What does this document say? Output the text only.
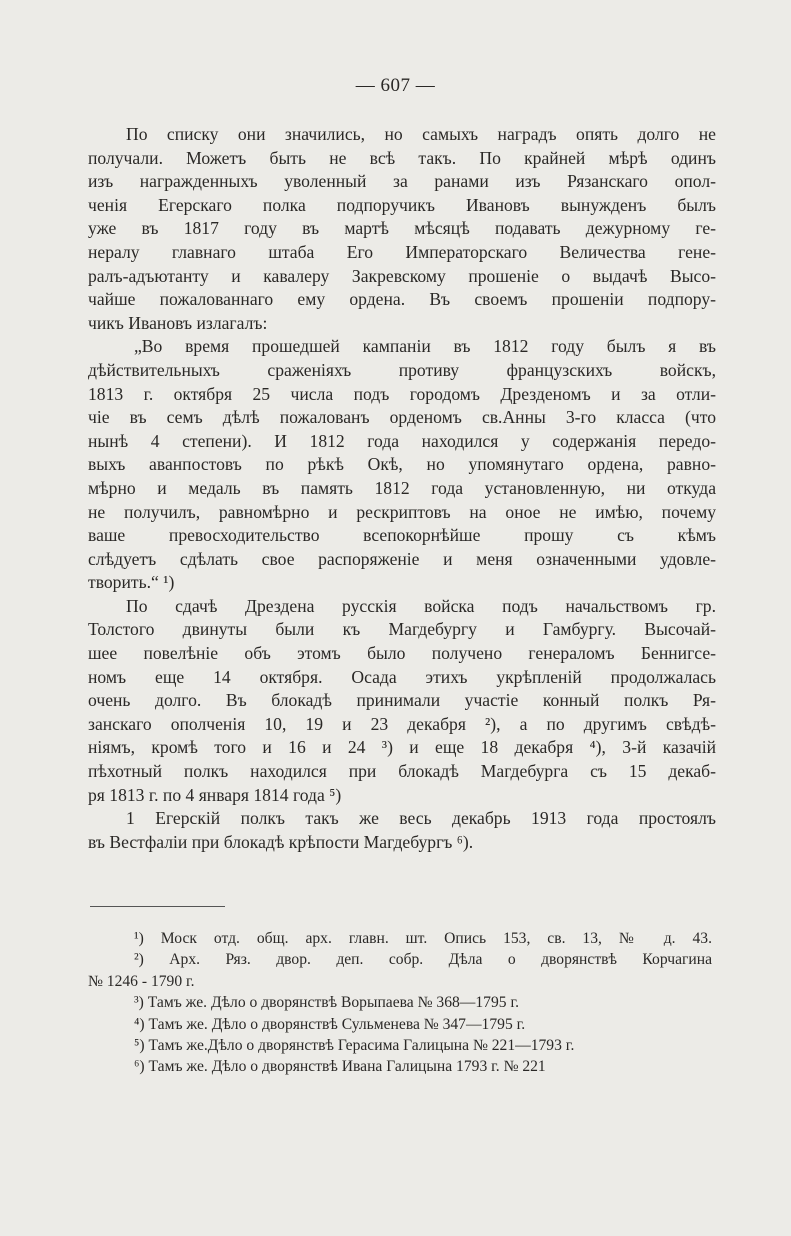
— 607 —
По списку они значились, но самыхъ наградъ опять долго не
получали. Можетъ быть не всѣ такъ. По крайней мѣрѣ одинъ
изъ награжденныхъ уволенный за ранами изъ Рязанскаго опол-
ченія Егерскаго полка подпоручикъ Ивановъ вынужденъ былъ
уже въ 1817 году въ мартѣ мѣсяцѣ подавать дежурному ге-
нералу главнаго штаба Его Императорскаго Величества гене-
ралъ-адъютанту и кавалеру Закревскому прошеніе о выдачѣ Высо-
чайше пожалованнаго ему ордена. Въ своемъ прошеніи подпору-
чикъ Ивановъ излагалъ:
„Во время прошедшей кампаніи въ 1812 году былъ я въ
дѣйствительныхъ сраженіяхъ противу французскихъ войскъ,
1813 г. октября 25 числа подъ городомъ Дрезденомъ и за отли-
чіе въ семъ дѣлѣ пожалованъ орденомъ св.Анны 3-го класса (что
нынѣ 4 степени). И 1812 года находился у содержанія передо-
выхъ аванпостовъ по рѣкѣ Окѣ, но упомянутаго ордена, равно-
мѣрно и медаль въ память 1812 года установленную, ни откуда
не получилъ, равномѣрно и рескриптовъ на оное не имѣю, почему
ваше превосходительство всепокорнѣйше прошу съ кѣмъ
слѣдуетъ сдѣлать свое распоряженіе и меня означенными удовле-
творить.“ ¹)
По сдачѣ Дрездена русскія войска подъ начальствомъ гр.
Толстого двинуты были къ Магдебургу и Гамбургу. Высочай-
шее повелѣніе объ этомъ было получено генераломъ Беннигсе-
номъ еще 14 октября. Осада этихъ укрѣпленій продолжалась
очень долго. Въ блокадѣ принимали участіе конный полкъ Ря-
занскаго ополченія 10, 19 и 23 декабря ²), а по другимъ свѣдѣ-
ніямъ, кромѣ того и 16 и 24 ³) и еще 18 декабря ⁴), 3-й казачій
пѣхотный полкъ находился при блокадѣ Магдебурга съ 15 декаб-
ря 1813 г. по 4 января 1814 года ⁵)
1 Егерскій полкъ такъ же весь декабрь 1913 года простоялъ
въ Вестфаліи при блокадѣ крѣпости Магдебургъ ⁶).
¹) Моск отд. общ. арх. главн. шт. Опись 153, св. 13, № д. 43.
²) Арх. Ряз. двор. деп. собр. Дѣла о дворянствѣ Корчагина
№ 1246 - 1790 г.
³) Тамъ же. Дѣло о дворянствѣ Ворыпаева № 368—1795 г.
⁴) Тамъ же. Дѣло о дворянствѣ Сульменева № 347—1795 г.
⁵) Тамъ же.Дѣло о дворянствѣ Герасима Галицына № 221—1793 г.
⁶) Тамъ же. Дѣло о дворянствѣ Ивана Галицына 1793 г. № 221
